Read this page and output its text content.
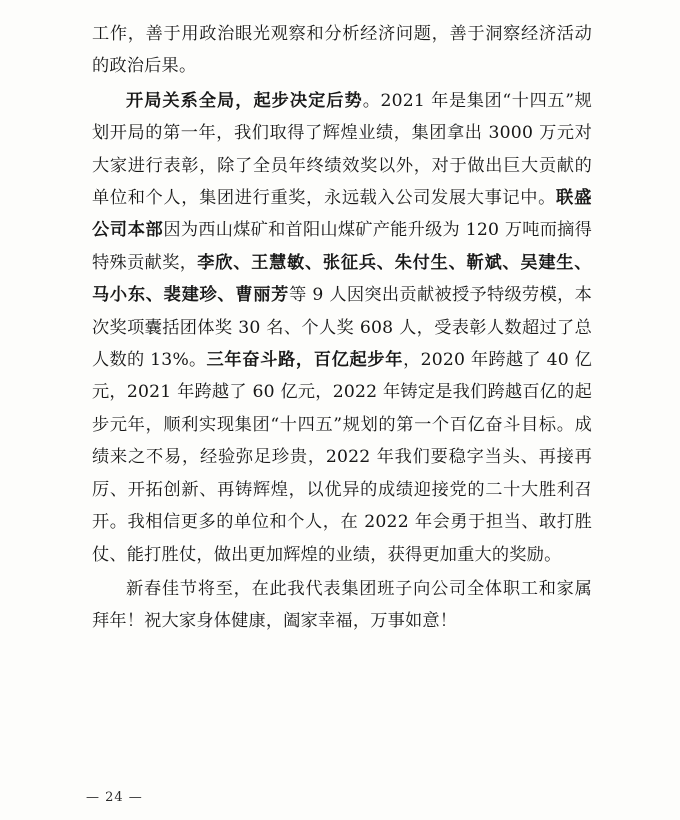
工作，善于用政治眼光观察和分析经济问题，善于洞察经济活动的政治后果。

开局关系全局，起步决定后势。2021 年是集团“十四五”规划开局的第一年，我们取得了辉煌业绩，集团拿出 3000 万元对大家进行表彰，除了全员年终绩效奖以外，对于做出巨大贡献的单位和个人，集团进行重奖，永远载入公司发展大事记中。联盛公司本部因为西山煤矿和首阳山煤矿产能升级为 120 万吨而摘得特殊贡献奖，李欣、王慧敏、张征兵、朱付生、靳斌、吴建生、马小东、裴建珍、曹丽芳等 9 人因突出贡献被授予特级劳模，本次奖项囊括团体奖 30 名、个人奖 608 人，受表彰人数超过了总人数的 13%。三年奋斗路，百亿起步年，2020 年跨越了 40 亿元，2021 年跨越了 60 亿元，2022 年铸定是我们跨越百亿的起步元年，顺利实现集团“十四五”规划的第一个百亿奋斗目标。成绩来之不易，经验弥足珍贵，2022 年我们要稳字当头、再接再厉、开拓创新、再铸辉煌，以优异的成绩迎接党的二十大胜利召开。我相信更多的单位和个人，在 2022 年会勇于担当、敢打胜仗、能打胜仗，做出更加辉煌的业绩，获得更加重大的奖励。

新春佳节将至，在此我代表集团班子向公司全体职工和家属拜年！祝大家身体健康，阖家幸福，万事如意！

— 24 —
